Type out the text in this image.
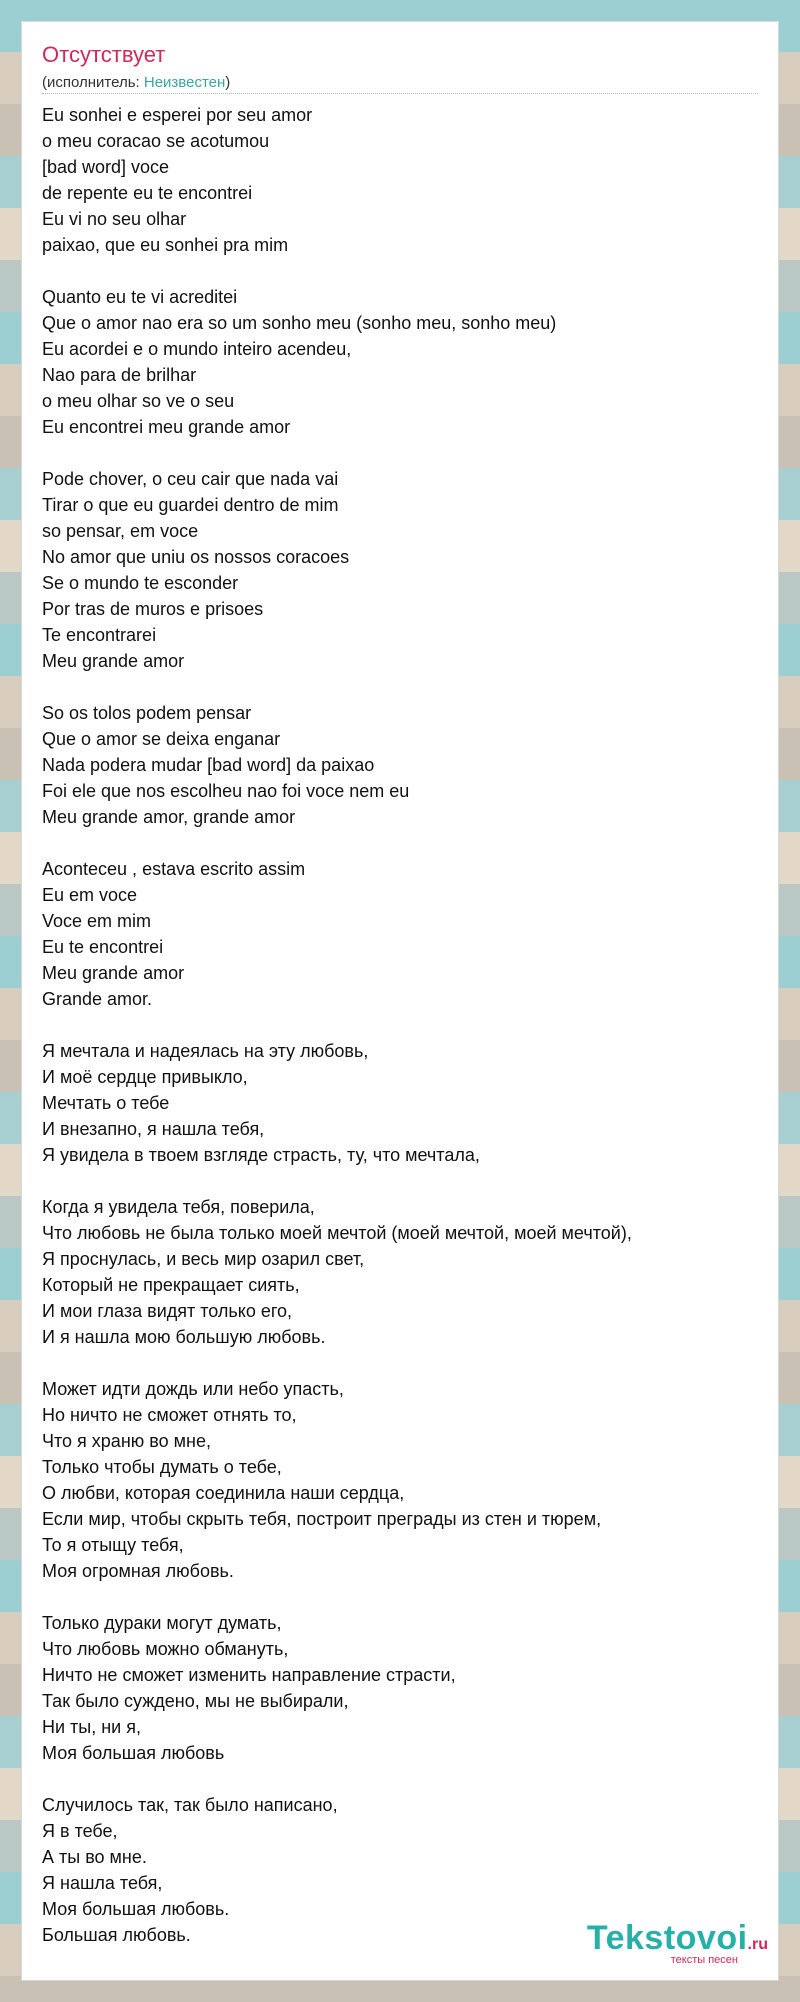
Отсутствует
(исполнитель: Неизвестен)
Eu sonhei e esperei por seu amor
o meu coracao se acotumou
[bad word] voce
de repente eu te encontrei
Eu vi no seu olhar
paixao, que eu sonhei pra mim
Quanto eu te vi acreditei
Que o amor nao era so um sonho meu (sonho meu, sonho meu)
Eu acordei e o mundo inteiro acendeu,
Nao para de brilhar
o meu olhar so ve o seu
Eu encontrei meu grande amor
Pode chover, o ceu cair que nada vai
Tirar o que eu guardei dentro de mim
so pensar, em voce
No amor que uniu os nossos coracoes
Se o mundo te esconder
Por tras de muros e prisoes
Te encontrarei
Meu grande amor
So os tolos podem pensar
Que o amor se deixa enganar
Nada podera mudar [bad word] da paixao
Foi ele que nos escolheu nao foi voce nem eu
Meu grande amor, grande amor
Aconteceu , estava escrito assim
Eu em voce
Voce em mim
Eu te encontrei
Meu grande amor
Grande amor.
Я мечтала и надеялась на эту любовь,
И моё сердце привыкло,
Мечтать о тебе
И внезапно, я нашла тебя,
Я увидела в твоем взгляде страсть, ту, что мечтала,
Когда я увидела тебя, поверила,
Что любовь не была только моей мечтой (моей мечтой, моей мечтой),
Я проснулась, и весь мир озарил свет,
Который не прекращает сиять,
И мои глаза видят только его,
И я нашла мою большую любовь.
Может идти дождь или небо упасть,
Но ничто не сможет отнять то,
Что я храню во мне,
Только чтобы думать о тебе,
О любви, которая соединила наши сердца,
Если мир, чтобы скрыть тебя, построит преграды из стен и тюрем,
То я отыщу тебя,
Моя огромная любовь.
Только дураки могут думать,
Что любовь можно обмануть,
Ничто не сможет изменить направление страсти,
Так было суждено, мы не выбирали,
Ни ты, ни я,
Моя большая любовь
Случилось так, так было написано,
Я в тебе,
А ты во мне.
Я нашла тебя,
Моя большая любовь.
Большая любовь.	Tekstovoi.ru
тексты песен
